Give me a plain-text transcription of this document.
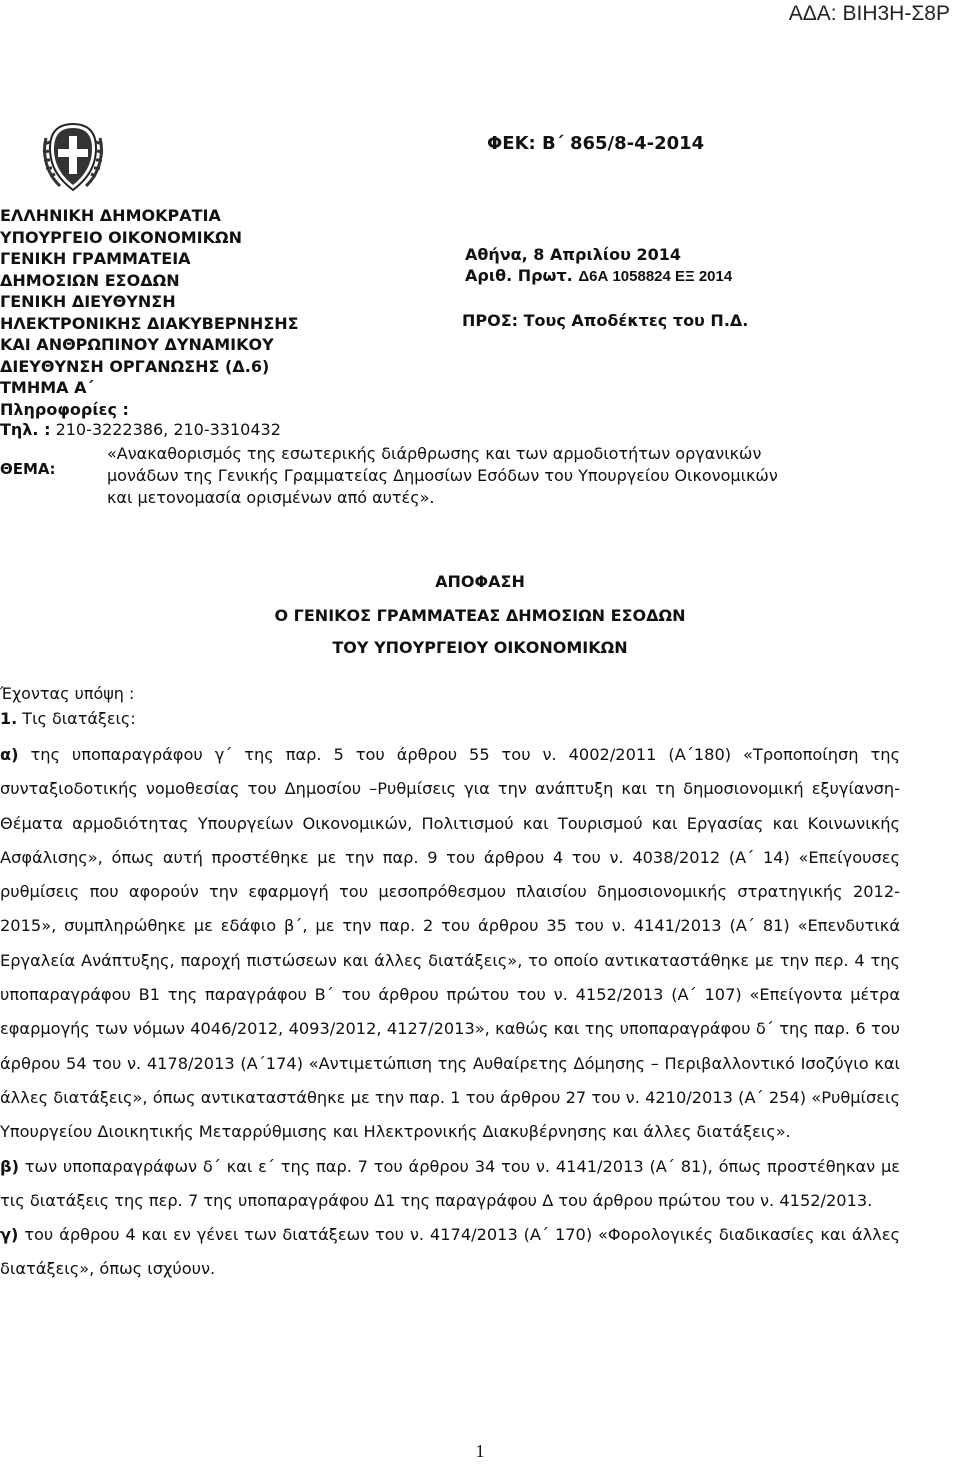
ΑΔΑ: ΒΙΗ3Η-Σ8Ρ
ΦΕΚ: Β΄ 865/8-4-2014
ΕΛΛΗΝΙΚΗ ΔΗΜΟΚΡΑΤΙΑ
ΥΠΟΥΡΓΕΙΟ ΟΙΚΟΝΟΜΙΚΩΝ
ΓΕΝΙΚΗ ΓΡΑΜΜΑΤΕΙΑ
ΔΗΜΟΣΙΩΝ ΕΣΟΔΩΝ
ΓΕΝΙΚΗ ΔΙΕΥΘΥΝΣΗ
ΗΛΕΚΤΡΟΝΙΚΗΣ ΔΙΑΚΥΒΕΡΝΗΣΗΣ
ΚΑΙ ΑΝΘΡΩΠΙΝΟΥ ΔΥΝΑΜΙΚΟΥ
ΔΙΕΥΘΥΝΣΗ ΟΡΓΑΝΩΣΗΣ (Δ.6)
ΤΜΗΜΑ Α΄
Πληροφορίες :
Τηλ. : 210-3222386, 210-3310432
Αθήνα, 8 Απριλίου 2014
Αριθ. Πρωτ. Δ6Α 1058824 ΕΞ 2014
ΠΡΟΣ: Τους Αποδέκτες του Π.Δ.
ΘΕΜΑ:
«Ανακαθορισμός της εσωτερικής διάρθρωσης και των αρμοδιοτήτων οργανικών
μονάδων της Γενικής Γραμματείας Δημοσίων Εσόδων του Υπουργείου Οικονομικών
και μετονομασία ορισμένων από αυτές».
ΑΠΟΦΑΣΗ
Ο ΓΕΝΙΚΟΣ ΓΡΑΜΜΑΤΕΑΣ ΔΗΜΟΣΙΩΝ ΕΣΟΔΩΝ
ΤΟΥ ΥΠΟΥΡΓΕΙΟΥ ΟΙΚΟΝΟΜΙΚΩΝ
Έχοντας υπόψη :
1. Τις διατάξεις:

α) της υποπαραγράφου γ΄ της παρ. 5 του άρθρου 55 του ν. 4002/2011 (Α΄180) «Τροποποίηση της συνταξιοδοτικής νομοθεσίας του Δημοσίου –Ρυθμίσεις για την ανάπτυξη και τη δημοσιονομική εξυγίανση-Θέματα αρμοδιότητας Υπουργείων Οικονομικών, Πολιτισμού και Τουρισμού και Εργασίας και Κοινωνικής Ασφάλισης», όπως αυτή προστέθηκε με την παρ. 9 του άρθρου 4 του ν. 4038/2012 (Α΄ 14) «Επείγουσες ρυθμίσεις που αφορούν την εφαρμογή του μεσοπρόθεσμου πλαισίου δημοσιονομικής στρατηγικής 2012-2015», συμπληρώθηκε με εδάφιο β΄, με την παρ. 2 του άρθρου 35 του ν. 4141/2013 (Α΄ 81) «Επενδυτικά Εργαλεία Ανάπτυξης, παροχή πιστώσεων και άλλες διατάξεις», το οποίο αντικαταστάθηκε με την περ. 4 της υποπαραγράφου Β1 της παραγράφου Β΄ του άρθρου πρώτου του ν. 4152/2013 (Α΄ 107) «Επείγοντα μέτρα εφαρμογής των νόμων 4046/2012, 4093/2012, 4127/2013», καθώς και της υποπαραγράφου δ΄ της παρ. 6 του άρθρου 54 του ν. 4178/2013 (Α΄174) «Αντιμετώπιση της Αυθαίρετης Δόμησης – Περιβαλλοντικό Ισοζύγιο και άλλες διατάξεις», όπως αντικαταστάθηκε με την παρ. 1 του άρθρου 27 του ν. 4210/2013 (Α΄ 254) «Ρυθμίσεις Υπουργείου Διοικητικής Μεταρρύθμισης και Ηλεκτρονικής Διακυβέρνησης και άλλες διατάξεις».

β) των υποπαραγράφων δ΄ και ε΄ της παρ. 7 του άρθρου 34 του ν. 4141/2013 (Α΄ 81), όπως προστέθηκαν με τις διατάξεις της περ. 7 της υποπαραγράφου Δ1 της παραγράφου Δ του άρθρου πρώτου του ν. 4152/2013.

γ) του άρθρου 4 και εν γένει των διατάξεων του ν. 4174/2013 (Α΄ 170) «Φορολογικές διαδικασίες και άλλες διατάξεις», όπως ισχύουν.

1
